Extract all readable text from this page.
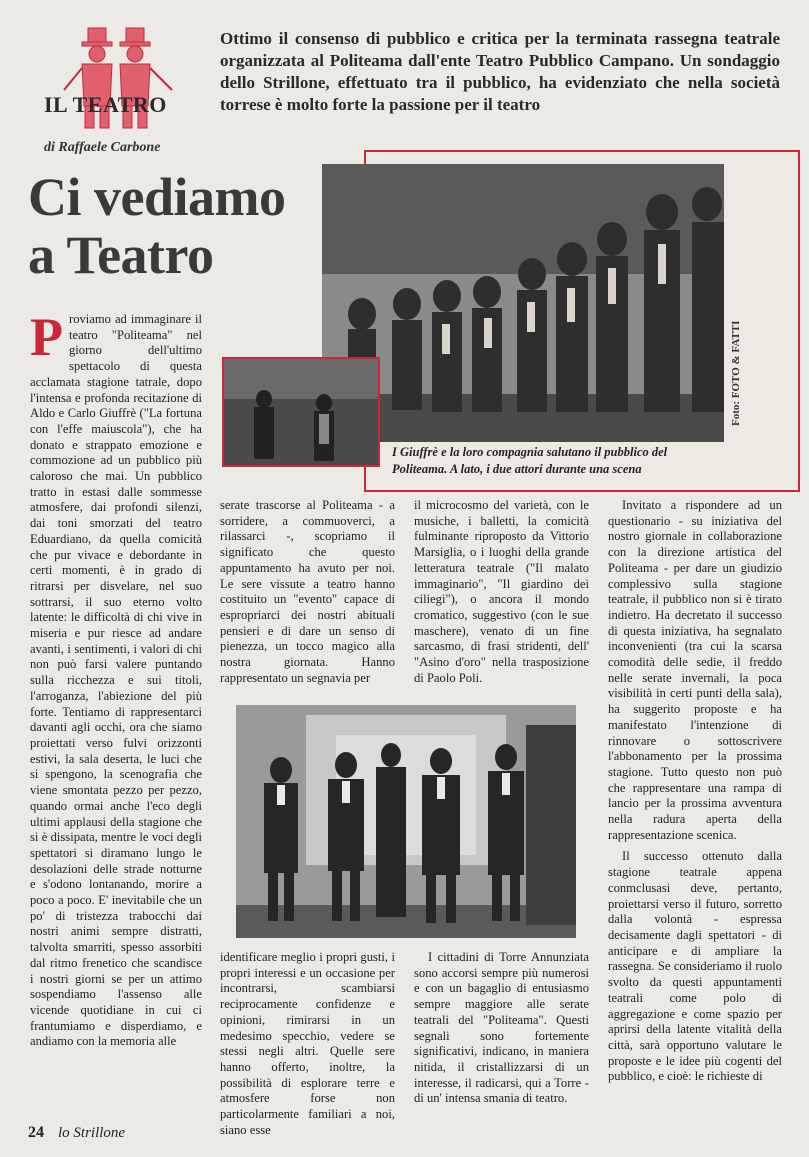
IL TEATRO
di Raffaele Carbone
Ottimo il consenso di pubblico e critica per la terminata rassegna teatrale organizzata al Politeama dall'ente Teatro Pubblico Campano. Un sondaggio dello Strillone, effettuato tra il pubblico, ha evidenziato che nella società torrese è molto forte la passione per il teatro
Ci vediamo
a Teatro
Foto: FOTO & FATTI
I Giuffrè e la loro compagnia salutano il pubblico del Politeama. A lato, i due attori durante una scena

Proviamo ad immaginare il teatro "Politeama" nel giorno dell'ultimo spettacolo di questa acclamata stagione tatrale, dopo l'intensa e profonda recitazione di Aldo e Carlo Giuffrè ("La fortuna con l'effe maiuscola"), che ha donato e strappato emozione e commozione ad un pubblico più caloroso che mai. Un pubblico tratto in estasi dalle sommesse atmosfere, dai profondi silenzi, dai toni smorzati del teatro Eduardiano, da quella comicità che pur vivace e debordante in certi momenti, è in grado di ritrarsi per disvelare, nel suo sottrarsi, il suo eterno volto latente: le difficoltà di chi vive in miseria e pur riesce ad andare avanti, i sentimenti, i valori di chi non può farsi valere puntando sulla ricchezza e sui titoli, l'arroganza, l'abiezione del più forte. Tentiamo di rappresentarci davanti agli occhi, ora che siamo proiettati verso fulvi orizzonti estivi, la sala deserta, le luci che si spengono, la scenografia che viene smontata pezzo per pezzo, quando ormai anche l'eco degli ultimi applausi della stagione che si è dissipata, mentre le voci degli spettatori si diramano lungo le desolazioni delle strade notturne e s'odono lontanando, morire a poco a poco. E' inevitabile che un po' di tristezza trabocchi dai nostri animi sempre distratti, talvolta smarriti, spesso assorbiti dal ritmo frenetico che scandisce i nostri giorni se per un attimo sospendiamo l'assenso alle vicende quotidiane in cui ci frantumiamo e disperdiamo, e andiamo con la memoria alle

serate trascorse al Politeama - a sorridere, a commuoverci, a rilassarci -, scopriamo il significato che questo appuntamento ha avuto per noi. Le sere vissute a teatro hanno costituito un "evento" capace di espropriarci dei nostri abituali pensieri e di dare un senso di pienezza, un tocco magico alla nostra giornata. Hanno rappresentato un segnavia per

il microcosmo del varietà, con le musiche, i balletti, la comicità fulminante riproposto da Vittorio Marsiglia, o i luoghi della grande letteratura teatrale ("Il malato immaginario", "Il giardino dei ciliegi"), o ancora il mondo cromatico, suggestivo (con le sue maschere), venato di un fine sarcasmo, di frasi stridenti, dell' "Asino d'oro" nella trasposizione di Paolo Poli.

identificare meglio i propri gusti, i propri interessi e un occasione per incontrarsi, scambiarsi reciprocamente confidenze e opinioni, rimirarsi in un medesimo specchio, vedere se stessi negli altri. Quelle sere hanno offerto, inoltre, la possibilità di esplorare terre e atmosfere forse non particolarmente familiari a noi, siano esse

I cittadini di Torre Annunziata sono accorsi sempre più numerosi e con un bagaglio di entusiasmo sempre maggiore alle serate teatrali del "Politeama". Questi segnali sono fortemente significativi, indicano, in maniera nitida, il cristallizzarsi di un interesse, il radicarsi, qui a Torre - di un' intensa smania di teatro.

Invitato a rispondere ad un questionario - su iniziativa del nostro giornale in collaborazione con la direzione artistica del Politeama - per dare un giudizio complessivo sulla stagione teatrale, il pubblico non si è tirato indietro. Ha decretato il successo di questa iniziativa, ha segnalato inconvenienti (tra cui la scarsa comodità delle sedie, il freddo nelle serate invernali, la poca visibilità in certi punti della sala), ha suggerito proposte e ha manifestato l'intenzione di rinnovare o sottoscrivere l'abbonamento per la prossima stagione. Tutto questo non può che rappresentare una rampa di lancio per la prossima avventura nella radura aperta della rappresentazione scenica.

Il successo ottenuto dalla stagione teatrale appena conmclusasi deve, pertanto, proiettarsi verso il futuro, sorretto dalla volontà - espressa decisamente dagli spettatori - di anticipare e di ampliare la rassegna. Se consideriamo il ruolo svolto da questi appuntamenti teatrali come polo di aggregazione e come spazio per aprirsi della latente vitalità della città, sarà opportuno valutare le proposte e le idee più cogenti del pubblico, e cioè: le richieste di

24 lo Strillone
